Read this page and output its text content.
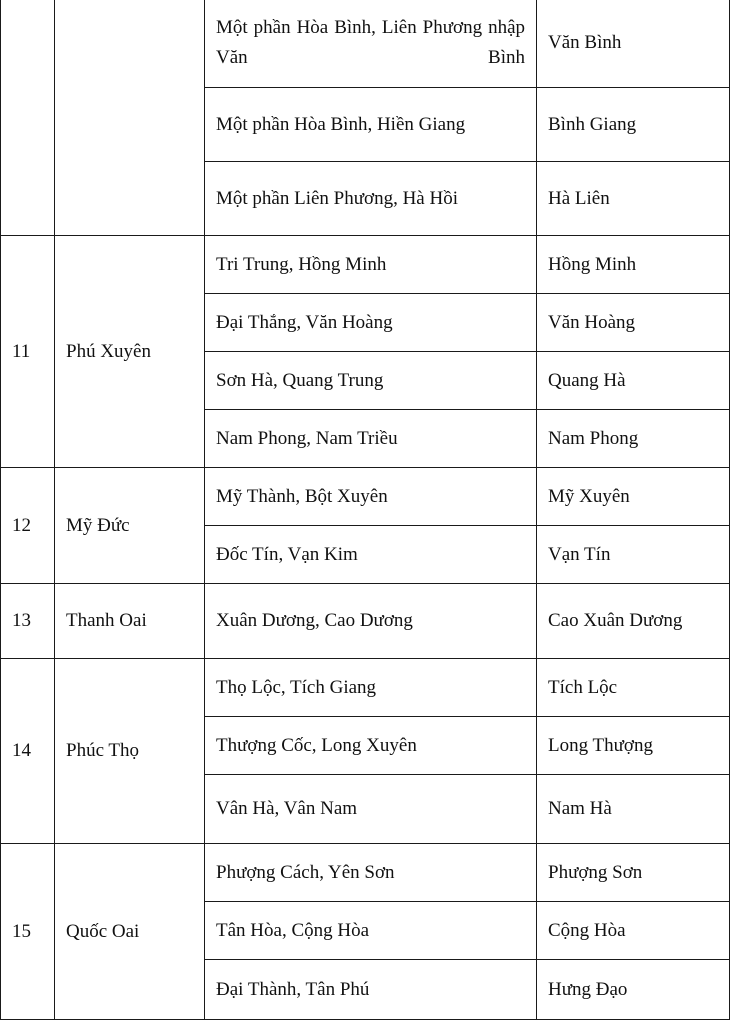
		Một phần Hòa Bình, Liên Phương nhập Văn Bình	Văn Bình
		Một phần Hòa Bình, Hiền Giang	Bình Giang
		Một phần Liên Phương, Hà Hồi	Hà Liên
11	Phú Xuyên	Tri Trung, Hồng Minh	Hồng Minh
		Đại Thắng, Văn Hoàng	Văn Hoàng
		Sơn Hà, Quang Trung	Quang Hà
		Nam Phong, Nam Triều	Nam Phong
12	Mỹ Đức	Mỹ Thành, Bột Xuyên	Mỹ Xuyên
		Đốc Tín, Vạn Kim	Vạn Tín
13	Thanh Oai	Xuân Dương, Cao Dương	Cao Xuân Dương
14	Phúc Thọ	Thọ Lộc, Tích Giang	Tích Lộc
		Thượng Cốc, Long Xuyên	Long Thượng
		Vân Hà, Vân Nam	Nam Hà
15	Quốc Oai	Phượng Cách, Yên Sơn	Phượng Sơn
		Tân Hòa, Cộng Hòa	Cộng Hòa
		Đại Thành, Tân Phú	Hưng Đạo
